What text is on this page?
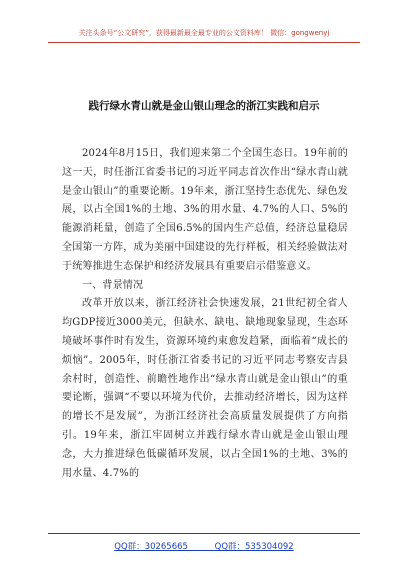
关注头条号“公文研究”，获得最新最全最专业的公文资料库！ 微信：gongwenyj
践行绿水青山就是金山银山理念的浙江实践和启示

2024年8月15日，我们迎来第二个全国生态日。19年前的这一天，时任浙江省委书记的习近平同志首次作出“绿水青山就是金山银山”的重要论断。19年来，浙江坚持生态优先、绿色发展，以占全国1%的土地、3%的用水量、4.7%的人口、5%的能源消耗量，创造了全国6.5%的国内生产总值，经济总量稳居全国第一方阵，成为美丽中国建设的先行样板，相关经验做法对于统筹推进生态保护和经济发展具有重要启示借鉴意义。

一、背景情况

改革开放以来，浙江经济社会快速发展，21世纪初全省人均GDP接近3000美元，但缺水、缺电、缺地现象显现，生态环境破坏事件时有发生，资源环境约束愈发趋紧，面临着“成长的烦恼”。2005年，时任浙江省委书记的习近平同志考察安吉县余村时，创造性、前瞻性地作出“绿水青山就是金山银山”的重要论断，强调“不要以环境为代价，去推动经济增长，因为这样的增长不是发展”，为浙江经济社会高质量发展提供了方向指引。19年来，浙江牢固树立并践行绿水青山就是金山银山理念，大力推进绿色低碳循环发展，以占全国1%的土地、3%的用水量、4.7%的

QQ群：30265665	QQ群：535304092
